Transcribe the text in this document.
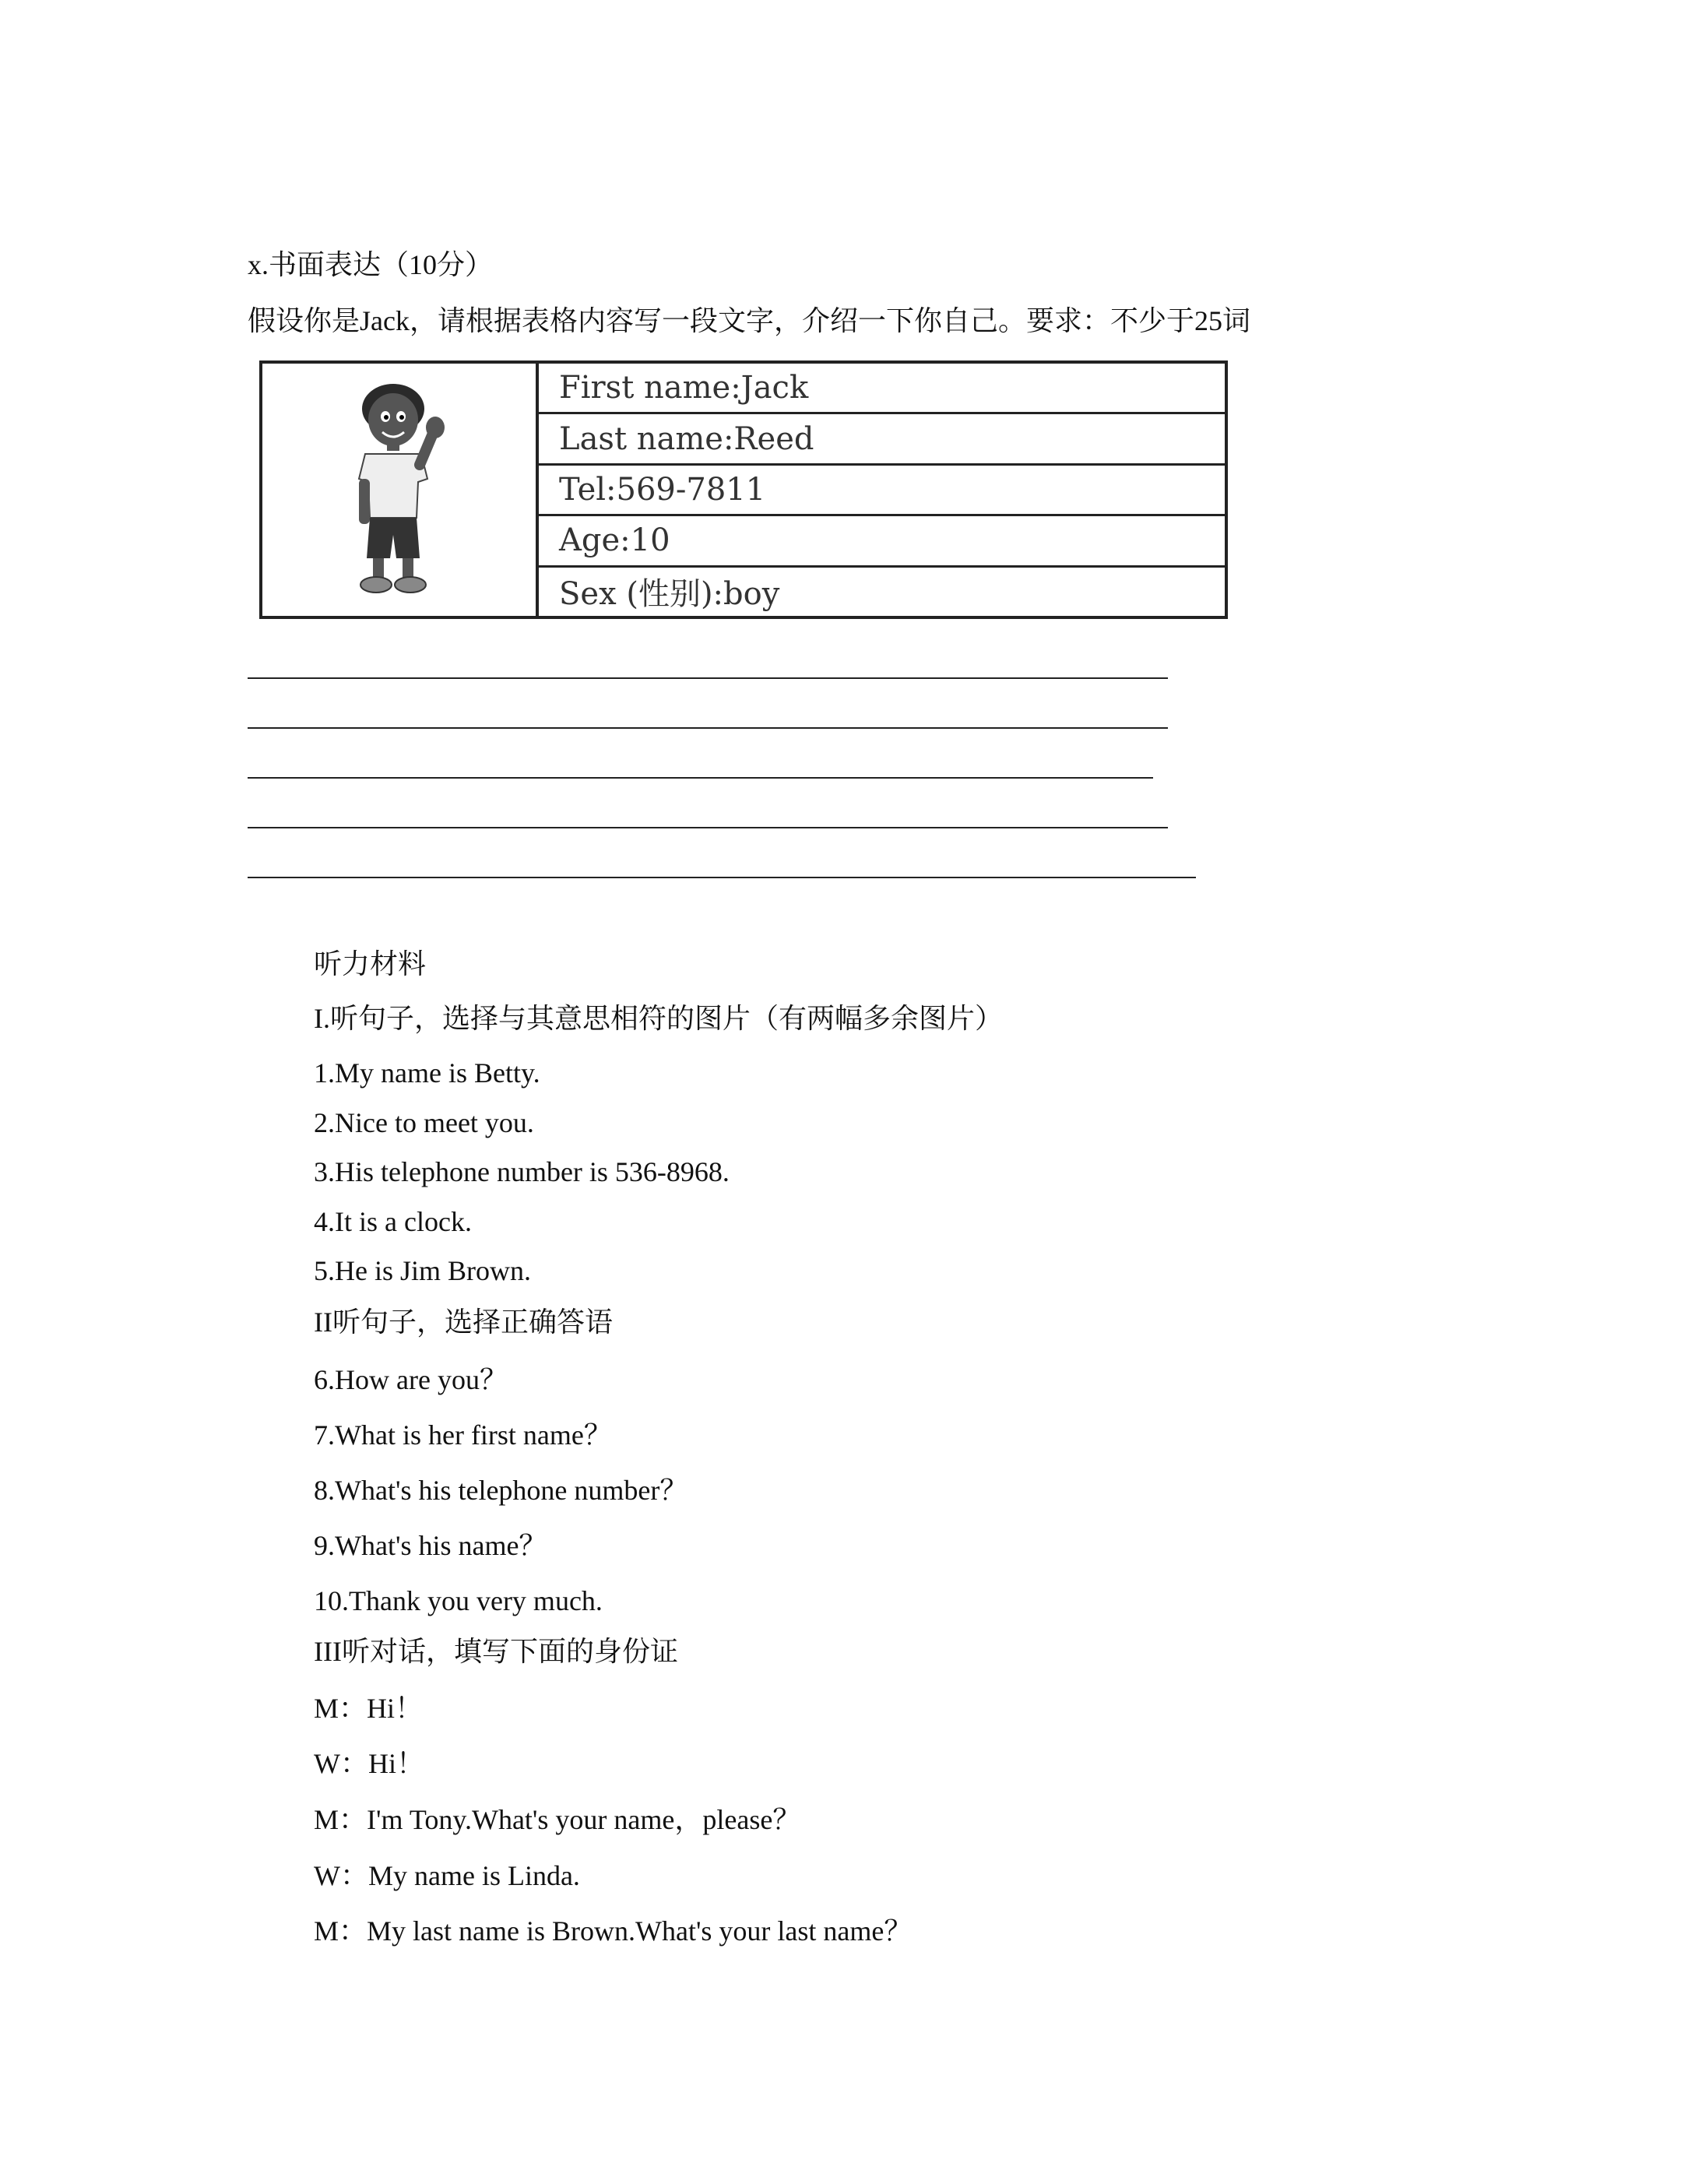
x.书面表达（10分）
假设你是Jack，请根据表格内容写一段文字，介绍一下你自己。要求：不少于25词
First name:Jack
Last name:Reed
Tel:569-7811
Age:10
Sex (性别):boy
听力材料
I.听句子，选择与其意思相符的图片（有两幅多余图片）
1.My name is Betty.
2.Nice to meet you.
3.His telephone number is 536-8968.
4.It is a clock.
5.He is Jim Brown.
II听句子，选择正确答语
6.How are you？
7.What is her first name？
8.What's his telephone number？
9.What's his name？
10.Thank you very much.
III听对话，填写下面的身份证
M：Hi！
W：Hi！
M：I'm Tony.What's your name，please？
W：My name is Linda.
M：My last name is Brown.What's your last name？
